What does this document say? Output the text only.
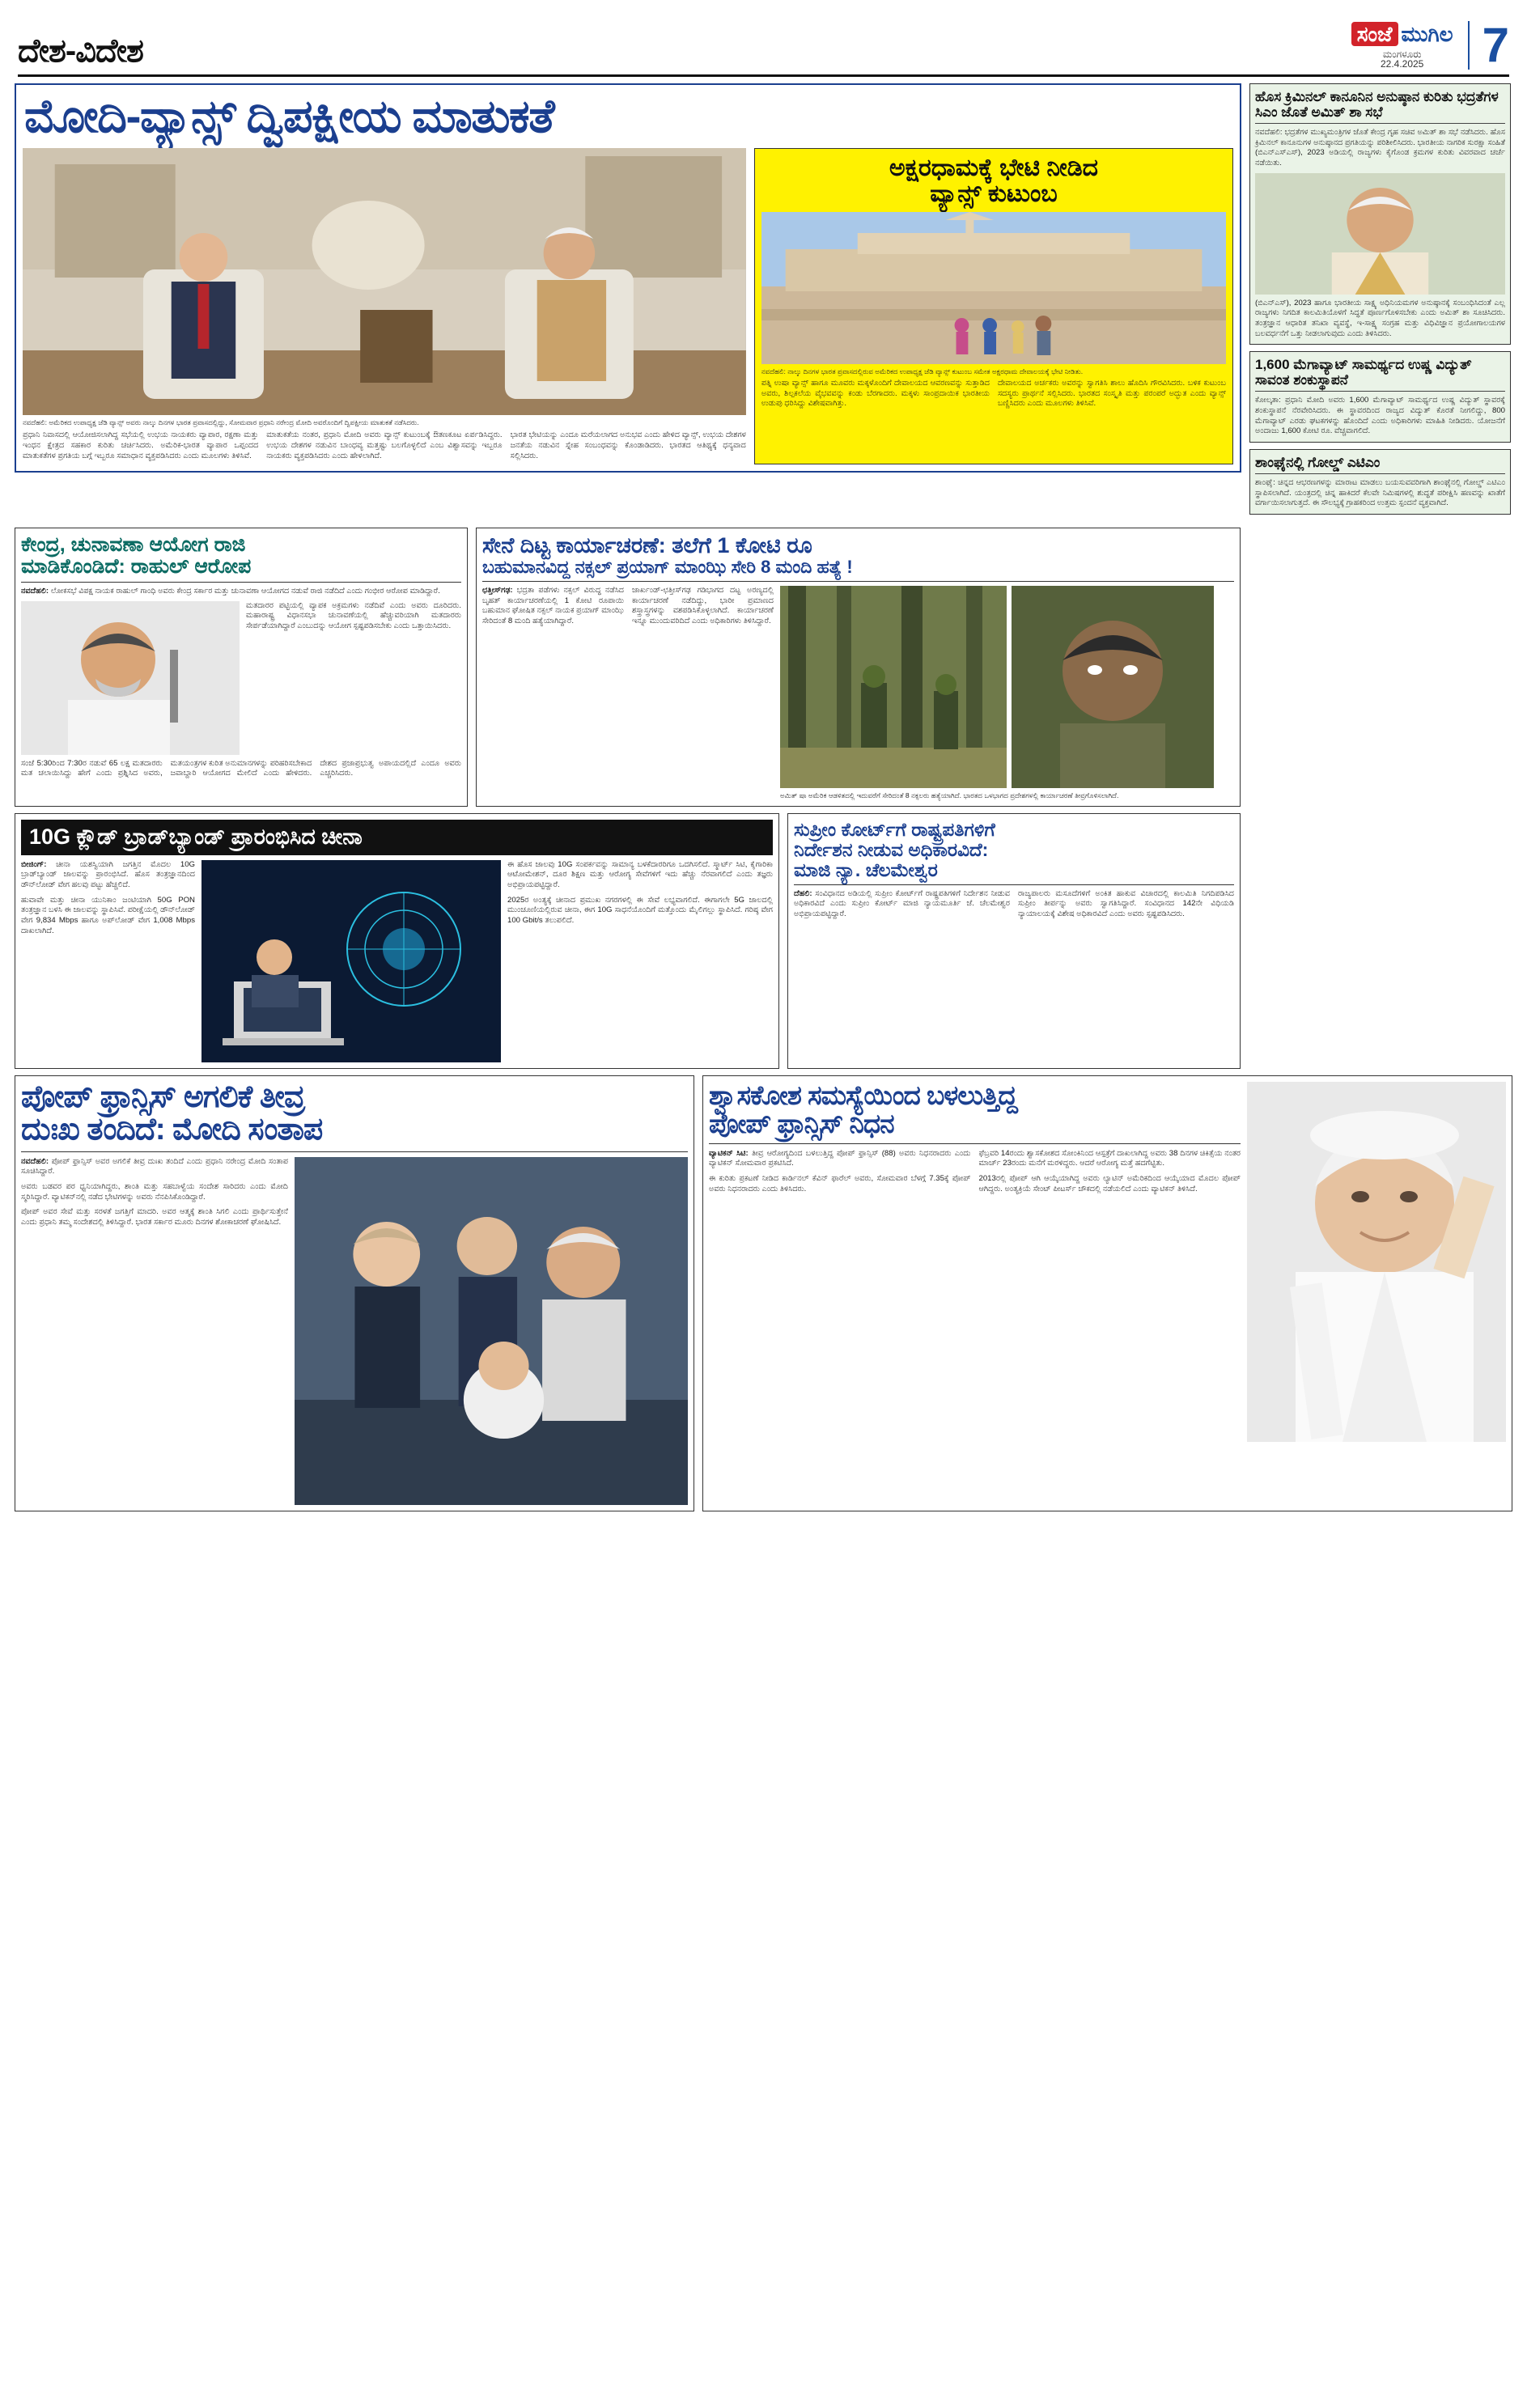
ದೇಶ-ವಿದೇಶ	ಸಂಜೆ ಮುಗಿಲ
ಮಂಗಳೂರು
22.4.2025	7
ಮೋದಿ-ವ್ಯಾನ್ಸ್ ದ್ವಿಪಕ್ಷೀಯ ಮಾತುಕತೆ
ನವದೆಹಲಿ: ಅಮೆರಿಕದ ಉಪಾಧ್ಯಕ್ಷ ಜೆಡಿ ವ್ಯಾನ್ಸ್ ಅವರು ನಾಲ್ಕು ದಿನಗಳ ಭಾರತ ಪ್ರವಾಸದಲ್ಲಿದ್ದು, ಸೋಮವಾರ ಪ್ರಧಾನಿ ನರೇಂದ್ರ ಮೋದಿ ಅವರೊಂದಿಗೆ ದ್ವಿಪಕ್ಷೀಯ ಮಾತುಕತೆ ನಡೆಸಿದರು.
ಪ್ರಧಾನಿ ನಿವಾಸದಲ್ಲಿ ಆಯೋಜಿಸಲಾಗಿದ್ದ ಸಭೆಯಲ್ಲಿ ಉಭಯ ನಾಯಕರು ವ್ಯಾಪಾರ, ರಕ್ಷಣಾ ಮತ್ತು ಇಂಧನ ಕ್ಷೇತ್ರದ ಸಹಕಾರ ಕುರಿತು ಚರ್ಚಿಸಿದರು. ಅಮೆರಿಕ-ಭಾರತ ವ್ಯಾಪಾರ ಒಪ್ಪಂದದ ಮಾತುಕತೆಗಳ ಪ್ರಗತಿಯ ಬಗ್ಗೆ ಇಬ್ಬರೂ ಸಮಾಧಾನ ವ್ಯಕ್ತಪಡಿಸಿದರು ಎಂದು ಮೂಲಗಳು ತಿಳಿಸಿವೆ.
ಮಾತುಕತೆಯ ನಂತರ, ಪ್ರಧಾನಿ ಮೋದಿ ಅವರು ವ್ಯಾನ್ಸ್ ಕುಟುಂಬಕ್ಕೆ ಔತಣಕೂಟ ಏರ್ಪಡಿಸಿದ್ದರು. ಉಭಯ ದೇಶಗಳ ನಡುವಿನ ಬಾಂಧವ್ಯ ಮತ್ತಷ್ಟು ಬಲಗೊಳ್ಳಲಿದೆ ಎಂಬ ವಿಶ್ವಾಸವನ್ನು ಇಬ್ಬರೂ ನಾಯಕರು ವ್ಯಕ್ತಪಡಿಸಿದರು ಎಂದು ಹೇಳಲಾಗಿದೆ.
ಭಾರತ ಭೇಟಿಯನ್ನು ಎಂದೂ ಮರೆಯಲಾಗದ ಅನುಭವ ಎಂದು ಹೇಳಿದ ವ್ಯಾನ್ಸ್, ಉಭಯ ದೇಶಗಳ ಜನತೆಯ ನಡುವಿನ ಸ್ನೇಹ ಸಂಬಂಧವನ್ನು ಕೊಂಡಾಡಿದರು. ಭಾರತದ ಆತಿಥ್ಯಕ್ಕೆ ಧನ್ಯವಾದ ಸಲ್ಲಿಸಿದರು.
ಅಕ್ಷರಧಾಮಕ್ಕೆ ಭೇಟಿ ನೀಡಿದ
ವ್ಯಾನ್ಸ್ ಕುಟುಂಬ
ನವದೆಹಲಿ: ನಾಲ್ಕು ದಿನಗಳ ಭಾರತ ಪ್ರವಾಸದಲ್ಲಿರುವ ಅಮೆರಿಕದ ಉಪಾಧ್ಯಕ್ಷ ಜೆಡಿ ವ್ಯಾನ್ಸ್ ಕುಟುಂಬ ಸಮೇತ ಅಕ್ಷರಧಾಮ ದೇವಾಲಯಕ್ಕೆ ಭೇಟಿ ನೀಡಿತು.
ಪತ್ನಿ ಉಷಾ ವ್ಯಾನ್ಸ್ ಹಾಗೂ ಮೂವರು ಮಕ್ಕಳೊಂದಿಗೆ ದೇವಾಲಯದ ಆವರಣವನ್ನು ಸುತ್ತಾಡಿದ ಅವರು, ಶಿಲ್ಪಕಲೆಯ ವೈಭವವನ್ನು ಕಂಡು ಬೆರಗಾದರು. ಮಕ್ಕಳು ಸಾಂಪ್ರದಾಯಿಕ ಭಾರತೀಯ ಉಡುಪು ಧರಿಸಿದ್ದು ವಿಶೇಷವಾಗಿತ್ತು.
ದೇವಾಲಯದ ಅರ್ಚಕರು ಅವರನ್ನು ಸ್ವಾಗತಿಸಿ ಶಾಲು ಹೊದಿಸಿ ಗೌರವಿಸಿದರು. ಬಳಿಕ ಕುಟುಂಬ ಸದಸ್ಯರು ಪ್ರಾರ್ಥನೆ ಸಲ್ಲಿಸಿದರು. ಭಾರತದ ಸಂಸ್ಕೃತಿ ಮತ್ತು ಪರಂಪರೆ ಅದ್ಭುತ ಎಂದು ವ್ಯಾನ್ಸ್ ಬಣ್ಣಿಸಿದರು ಎಂದು ಮೂಲಗಳು ತಿಳಿಸಿವೆ.
ಹೊಸ ಕ್ರಿಮಿನಲ್ ಕಾನೂನಿನ ಅನುಷ್ಠಾನ ಕುರಿತು ಭದ್ರತೆಗಳ ಸಿಎಂ ಜೊತೆ ಅಮಿತ್ ಶಾ ಸಭೆ
ನವದೆಹಲಿ: ಭದ್ರತೆಗಳ ಮುಖ್ಯಮಂತ್ರಿಗಳ ಜೊತೆ ಕೇಂದ್ರ ಗೃಹ ಸಚಿವ ಅಮಿತ್ ಶಾ ಸಭೆ ನಡೆಸಿದರು. ಹೊಸ ಕ್ರಿಮಿನಲ್ ಕಾನೂನುಗಳ ಅನುಷ್ಠಾನದ ಪ್ರಗತಿಯನ್ನು ಪರಿಶೀಲಿಸಿದರು. ಭಾರತೀಯ ನಾಗರಿಕ ಸುರಕ್ಷಾ ಸಂಹಿತೆ (ಬಿಎನ್ಎಸ್ಎಸ್), 2023 ಅಡಿಯಲ್ಲಿ ರಾಜ್ಯಗಳು ಕೈಗೊಂಡ ಕ್ರಮಗಳ ಕುರಿತು ವಿವರವಾದ ಚರ್ಚೆ ನಡೆಯಿತು.
(ಬಿಎನ್ಎಸ್), 2023 ಹಾಗೂ ಭಾರತೀಯ ಸಾಕ್ಷ್ಯ ಅಧಿನಿಯಮಗಳ ಅನುಷ್ಠಾನಕ್ಕೆ ಸಂಬಂಧಿಸಿದಂತೆ ಎಲ್ಲ ರಾಜ್ಯಗಳು ನಿಗದಿತ ಕಾಲಮಿತಿಯೊಳಗೆ ಸಿದ್ಧತೆ ಪೂರ್ಣಗೊಳಿಸಬೇಕು ಎಂದು ಅಮಿತ್ ಶಾ ಸೂಚಿಸಿದರು. ತಂತ್ರಜ್ಞಾನ ಆಧಾರಿತ ತನಿಖಾ ವ್ಯವಸ್ಥೆ, ಇ-ಸಾಕ್ಷ್ಯ ಸಂಗ್ರಹ ಮತ್ತು ವಿಧಿವಿಜ್ಞಾನ ಪ್ರಯೋಗಾಲಯಗಳ ಬಲವರ್ಧನೆಗೆ ಒತ್ತು ನೀಡಲಾಗುವುದು ಎಂದು ತಿಳಿಸಿದರು.
1,600 ಮೆಗಾವ್ಯಾಟ್ ಸಾಮರ್ಥ್ಯದ ಉಷ್ಣ ವಿದ್ಯುತ್ ಸಾವಂತ ಶಂಕುಸ್ಥಾಪನೆ
ಕೋಲ್ಕತಾ: ಪ್ರಧಾನಿ ಮೋದಿ ಅವರು 1,600 ಮೆಗಾವ್ಯಾಟ್ ಸಾಮರ್ಥ್ಯದ ಉಷ್ಣ ವಿದ್ಯುತ್ ಸ್ಥಾವರಕ್ಕೆ ಶಂಕುಸ್ಥಾಪನೆ ನೆರವೇರಿಸಿದರು. ಈ ಸ್ಥಾವರದಿಂದ ರಾಜ್ಯದ ವಿದ್ಯುತ್ ಕೊರತೆ ನೀಗಲಿದ್ದು, 800 ಮೆಗಾವ್ಯಾಟ್ ಎರಡು ಘಟಕಗಳನ್ನು ಹೊಂದಿದೆ ಎಂದು ಅಧಿಕಾರಿಗಳು ಮಾಹಿತಿ ನೀಡಿದರು. ಯೋಜನೆಗೆ ಅಂದಾಜು 1,600 ಕೋಟಿ ರೂ. ವೆಚ್ಚವಾಗಲಿದೆ.
ಶಾಂಘೈನಲ್ಲಿ ಗೋಲ್ಡ್ ಎಟಿಎಂ
ಶಾಂಘೈ: ಚಿನ್ನದ ಆಭರಣಗಳನ್ನು ಮಾರಾಟ ಮಾಡಲು ಬಯಸುವವರಿಗಾಗಿ ಶಾಂಘೈನಲ್ಲಿ ಗೋಲ್ಡ್ ಎಟಿಎಂ ಸ್ಥಾಪಿಸಲಾಗಿದೆ. ಯಂತ್ರದಲ್ಲಿ ಚಿನ್ನ ಹಾಕಿದರೆ ಕೆಲವೇ ನಿಮಿಷಗಳಲ್ಲಿ ಶುದ್ಧತೆ ಪರೀಕ್ಷಿಸಿ ಹಣವನ್ನು ಖಾತೆಗೆ ವರ್ಗಾಯಿಸಲಾಗುತ್ತದೆ. ಈ ಸೌಲಭ್ಯಕ್ಕೆ ಗ್ರಾಹಕರಿಂದ ಉತ್ತಮ ಸ್ಪಂದನೆ ವ್ಯಕ್ತವಾಗಿದೆ.
ಕೇಂದ್ರ, ಚುನಾವಣಾ ಆಯೋಗ ರಾಜಿ
ಮಾಡಿಕೊಂಡಿದೆ: ರಾಹುಲ್ ಆರೋಪ
ನವದೆಹಲಿ: ಲೋಕಸಭೆ ವಿಪಕ್ಷ ನಾಯಕ ರಾಹುಲ್ ಗಾಂಧಿ ಅವರು ಕೇಂದ್ರ ಸರ್ಕಾರ ಮತ್ತು ಚುನಾವಣಾ ಆಯೋಗದ ನಡುವೆ ರಾಜಿ ನಡೆದಿದೆ ಎಂದು ಗಂಭೀರ ಆರೋಪ ಮಾಡಿದ್ದಾರೆ.
ಮತದಾರರ ಪಟ್ಟಿಯಲ್ಲಿ ವ್ಯಾಪಕ ಅಕ್ರಮಗಳು ನಡೆದಿವೆ ಎಂದು ಅವರು ದೂರಿದರು. ಮಹಾರಾಷ್ಟ್ರ ವಿಧಾನಸಭಾ ಚುನಾವಣೆಯಲ್ಲಿ ಹೆಚ್ಚುವರಿಯಾಗಿ ಮತದಾರರು ಸೇರ್ಪಡೆಯಾಗಿದ್ದಾರೆ ಎಂಬುದನ್ನು ಆಯೋಗ ಸ್ಪಷ್ಟಪಡಿಸಬೇಕು ಎಂದು ಒತ್ತಾಯಿಸಿದರು.
ಸಂಜೆ 5:30ರಿಂದ 7:30ರ ನಡುವೆ 65 ಲಕ್ಷ ಮತದಾರರು ಮತ ಚಲಾಯಿಸಿದ್ದು ಹೇಗೆ ಎಂದು ಪ್ರಶ್ನಿಸಿದ ಅವರು, ಮತಯಂತ್ರಗಳ ಕುರಿತ ಅನುಮಾನಗಳನ್ನು ಪರಿಹರಿಸಬೇಕಾದ ಜವಾಬ್ದಾರಿ ಆಯೋಗದ ಮೇಲಿದೆ ಎಂದು ಹೇಳಿದರು. ದೇಶದ ಪ್ರಜಾಪ್ರಭುತ್ವ ಅಪಾಯದಲ್ಲಿದೆ ಎಂದೂ ಅವರು ಎಚ್ಚರಿಸಿದರು.
ಸೇನೆ ದಿಟ್ಟ ಕಾರ್ಯಾಚರಣೆ: ತಲೆಗೆ 1 ಕೋಟಿ ರೂ
ಬಹುಮಾನವಿದ್ದ ನಕ್ಸಲ್ ಪ್ರಯಾಗ್ ಮಾಂಝಿ ಸೇರಿ 8 ಮಂದಿ ಹತ್ಯೆ !
ಛತ್ತೀಸ್‌ಗಢ: ಭದ್ರತಾ ಪಡೆಗಳು ನಕ್ಸಲ್ ವಿರುದ್ಧ ನಡೆಸಿದ ಬೃಹತ್ ಕಾರ್ಯಾಚರಣೆಯಲ್ಲಿ 1 ಕೋಟಿ ರೂಪಾಯಿ ಬಹುಮಾನ ಘೋಷಿತ ನಕ್ಸಲ್ ನಾಯಕ ಪ್ರಯಾಗ್ ಮಾಂಝಿ ಸೇರಿದಂತೆ 8 ಮಂದಿ ಹತ್ಯೆಯಾಗಿದ್ದಾರೆ.
ಜಾರ್ಖಂಡ್-ಛತ್ತೀಸ್‌ಗಢ ಗಡಿಭಾಗದ ದಟ್ಟ ಅರಣ್ಯದಲ್ಲಿ ಕಾರ್ಯಾಚರಣೆ ನಡೆದಿದ್ದು, ಭಾರೀ ಪ್ರಮಾಣದ ಶಸ್ತ್ರಾಸ್ತ್ರಗಳನ್ನು ವಶಪಡಿಸಿಕೊಳ್ಳಲಾಗಿದೆ. ಕಾರ್ಯಾಚರಣೆ ಇನ್ನೂ ಮುಂದುವರಿದಿದೆ ಎಂದು ಅಧಿಕಾರಿಗಳು ತಿಳಿಸಿದ್ದಾರೆ.
ಅಮಿತ್ ಷಾ ಅಮೆರಿಕ ಆಡಳಿತದಲ್ಲಿ ಇದುವರೆಗೆ ಸೇರಿದಂತೆ 8 ನಕ್ಸಲರು ಹತ್ಯೆಯಾಗಿದೆ. ಭಾರತದ ಒಳಭಾಗದ ಪ್ರದೇಶಗಳಲ್ಲಿ ಕಾರ್ಯಾಚರಣೆ ತೀವ್ರಗೊಳಿಸಲಾಗಿದೆ.
10G ಕ್ಲೌಡ್ ಬ್ರಾಡ್‌ಬ್ಯಾಂಡ್ ಪ್ರಾರಂಭಿಸಿದ ಚೀನಾ
ಬೀಜಿಂಗ್: ಚೀನಾ ಯಶಸ್ವಿಯಾಗಿ ಜಗತ್ತಿನ ಮೊದಲ 10G ಬ್ರಾಡ್‌ಬ್ಯಾಂಡ್ ಜಾಲವನ್ನು ಪ್ರಾರಂಭಿಸಿದೆ. ಹೊಸ ತಂತ್ರಜ್ಞಾನದಿಂದ ಡೌನ್‌ಲೋಡ್ ವೇಗ ಹಲವು ಪಟ್ಟು ಹೆಚ್ಚಲಿದೆ.
ಹುವಾವೇ ಮತ್ತು ಚೀನಾ ಯುನಿಕಾಂ ಜಂಟಿಯಾಗಿ 50G PON ತಂತ್ರಜ್ಞಾನ ಬಳಸಿ ಈ ಜಾಲವನ್ನು ಸ್ಥಾಪಿಸಿವೆ. ಪರೀಕ್ಷೆಯಲ್ಲಿ ಡೌನ್‌ಲೋಡ್ ವೇಗ 9,834 Mbps ಹಾಗೂ ಅಪ್‌ಲೋಡ್ ವೇಗ 1,008 Mbps ದಾಖಲಾಗಿದೆ.
ಈ ಹೊಸ ಜಾಲವು 10G ಸಂಪರ್ಕವನ್ನು ಸಾಮಾನ್ಯ ಬಳಕೆದಾರರಿಗೂ ಒದಗಿಸಲಿದೆ. ಸ್ಮಾರ್ಟ್ ಸಿಟಿ, ಕೈಗಾರಿಕಾ ಆಟೋಮೇಶನ್, ದೂರ ಶಿಕ್ಷಣ ಮತ್ತು ಆರೋಗ್ಯ ಸೇವೆಗಳಿಗೆ ಇದು ಹೆಚ್ಚು ನೆರವಾಗಲಿದೆ ಎಂದು ತಜ್ಞರು ಅಭಿಪ್ರಾಯಪಟ್ಟಿದ್ದಾರೆ.
2025ರ ಅಂತ್ಯಕ್ಕೆ ಚೀನಾದ ಪ್ರಮುಖ ನಗರಗಳಲ್ಲಿ ಈ ಸೇವೆ ಲಭ್ಯವಾಗಲಿದೆ. ಈಗಾಗಲೇ 5G ಜಾಲದಲ್ಲಿ ಮುಂಚೂಣಿಯಲ್ಲಿರುವ ಚೀನಾ, ಈಗ 10G ಸಾಧನೆಯೊಂದಿಗೆ ಮತ್ತೊಂದು ಮೈಲಿಗಲ್ಲು ಸ್ಥಾಪಿಸಿದೆ. ಗರಿಷ್ಠ ವೇಗ 100 Gbit/s ತಲುಪಲಿದೆ.
ಸುಪ್ರೀಂ ಕೋರ್ಟ್‌ಗೆ ರಾಷ್ಟ್ರಪತಿಗಳಿಗೆ
ನಿರ್ದೇಶನ ನೀಡುವ ಅಧಿಕಾರವಿದೆ:
ಮಾಜಿ ನ್ಯಾ. ಚೆಲಮೇಶ್ವರ
ದೆಹಲಿ: ಸಂವಿಧಾನದ ಅಡಿಯಲ್ಲಿ ಸುಪ್ರೀಂ ಕೋರ್ಟ್‌ಗೆ ರಾಷ್ಟ್ರಪತಿಗಳಿಗೆ ನಿರ್ದೇಶನ ನೀಡುವ ಅಧಿಕಾರವಿದೆ ಎಂದು ಸುಪ್ರೀಂ ಕೋರ್ಟ್ ಮಾಜಿ ನ್ಯಾಯಮೂರ್ತಿ ಜೆ. ಚೆಲಮೇಶ್ವರ ಅಭಿಪ್ರಾಯಪಟ್ಟಿದ್ದಾರೆ.
ರಾಜ್ಯಪಾಲರು ಮಸೂದೆಗಳಿಗೆ ಅಂಕಿತ ಹಾಕುವ ವಿಚಾರದಲ್ಲಿ ಕಾಲಮಿತಿ ನಿಗದಿಪಡಿಸಿದ ಸುಪ್ರೀಂ ತೀರ್ಪನ್ನು ಅವರು ಸ್ವಾಗತಿಸಿದ್ದಾರೆ. ಸಂವಿಧಾನದ 142ನೇ ವಿಧಿಯಡಿ ನ್ಯಾಯಾಲಯಕ್ಕೆ ವಿಶೇಷ ಅಧಿಕಾರವಿದೆ ಎಂದು ಅವರು ಸ್ಪಷ್ಟಪಡಿಸಿದರು.
ಪೋಪ್ ಫ್ರಾನ್ಸಿಸ್ ಅಗಲಿಕೆ ತೀವ್ರ
ದುಃಖ ತಂದಿದೆ: ಮೋದಿ ಸಂತಾಪ
ನವದೆಹಲಿ: ಪೋಪ್ ಫ್ರಾನ್ಸಿಸ್ ಅವರ ಅಗಲಿಕೆ ತೀವ್ರ ದುಃಖ ತಂದಿದೆ ಎಂದು ಪ್ರಧಾನಿ ನರೇಂದ್ರ ಮೋದಿ ಸಂತಾಪ ಸೂಚಿಸಿದ್ದಾರೆ.
ಅವರು ಬಡವರ ಪರ ಧ್ವನಿಯಾಗಿದ್ದರು, ಶಾಂತಿ ಮತ್ತು ಸಹಬಾಳ್ವೆಯ ಸಂದೇಶ ಸಾರಿದರು ಎಂದು ಮೋದಿ ಸ್ಮರಿಸಿದ್ದಾರೆ. ವ್ಯಾಟಿಕನ್‌ನಲ್ಲಿ ನಡೆದ ಭೇಟಿಗಳನ್ನು ಅವರು ನೆನಪಿಸಿಕೊಂಡಿದ್ದಾರೆ.
ಪೋಪ್ ಅವರ ಸೇವೆ ಮತ್ತು ಸರಳತೆ ಜಗತ್ತಿಗೆ ಮಾದರಿ. ಅವರ ಆತ್ಮಕ್ಕೆ ಶಾಂತಿ ಸಿಗಲಿ ಎಂದು ಪ್ರಾರ್ಥಿಸುತ್ತೇನೆ ಎಂದು ಪ್ರಧಾನಿ ತಮ್ಮ ಸಂದೇಶದಲ್ಲಿ ತಿಳಿಸಿದ್ದಾರೆ. ಭಾರತ ಸರ್ಕಾರ ಮೂರು ದಿನಗಳ ಶೋಕಾಚರಣೆ ಘೋಷಿಸಿದೆ.
ಶ್ವಾಸಕೋಶ ಸಮಸ್ಯೆಯಿಂದ ಬಳಲುತ್ತಿದ್ದ
ಪೋಪ್ ಫ್ರಾನ್ಸಿಸ್ ನಿಧನ
ವ್ಯಾಟಿಕನ್ ಸಿಟಿ: ತೀವ್ರ ಆರೋಗ್ಯದಿಂದ ಬಳಲುತ್ತಿದ್ದ ಪೋಪ್ ಫ್ರಾನ್ಸಿಸ್ (88) ಅವರು ನಿಧನರಾದರು ಎಂದು ವ್ಯಾಟಿಕನ್ ಸೋಮವಾರ ಪ್ರಕಟಿಸಿದೆ.
ಈ ಕುರಿತು ಪ್ರಕಟಣೆ ನೀಡಿದ ಕಾರ್ಡಿನಲ್ ಕೆವಿನ್ ಫಾರೆಲ್ ಅವರು, ಸೋಮವಾರ ಬೆಳಗ್ಗೆ 7.35ಕ್ಕೆ ಪೋಪ್ ಅವರು ನಿಧನರಾದರು ಎಂದು ತಿಳಿಸಿದರು.
ಫೆಬ್ರವರಿ 14ರಂದು ಶ್ವಾಸಕೋಶದ ಸೋಂಕಿನಿಂದ ಆಸ್ಪತ್ರೆಗೆ ದಾಖಲಾಗಿದ್ದ ಅವರು 38 ದಿನಗಳ ಚಿಕಿತ್ಸೆಯ ನಂತರ ಮಾರ್ಚ್ 23ರಂದು ಮನೆಗೆ ಮರಳಿದ್ದರು. ಆದರೆ ಆರೋಗ್ಯ ಮತ್ತೆ ಹದಗೆಟ್ಟಿತು.
2013ರಲ್ಲಿ ಪೋಪ್ ಆಗಿ ಆಯ್ಕೆಯಾಗಿದ್ದ ಅವರು ಲ್ಯಾಟಿನ್ ಅಮೆರಿಕದಿಂದ ಆಯ್ಕೆಯಾದ ಮೊದಲ ಪೋಪ್ ಆಗಿದ್ದರು. ಅಂತ್ಯಕ್ರಿಯೆ ಸೇಂಟ್ ಪೀಟರ್ಸ್ ಚೌಕದಲ್ಲಿ ನಡೆಯಲಿದೆ ಎಂದು ವ್ಯಾಟಿಕನ್ ತಿಳಿಸಿದೆ.
